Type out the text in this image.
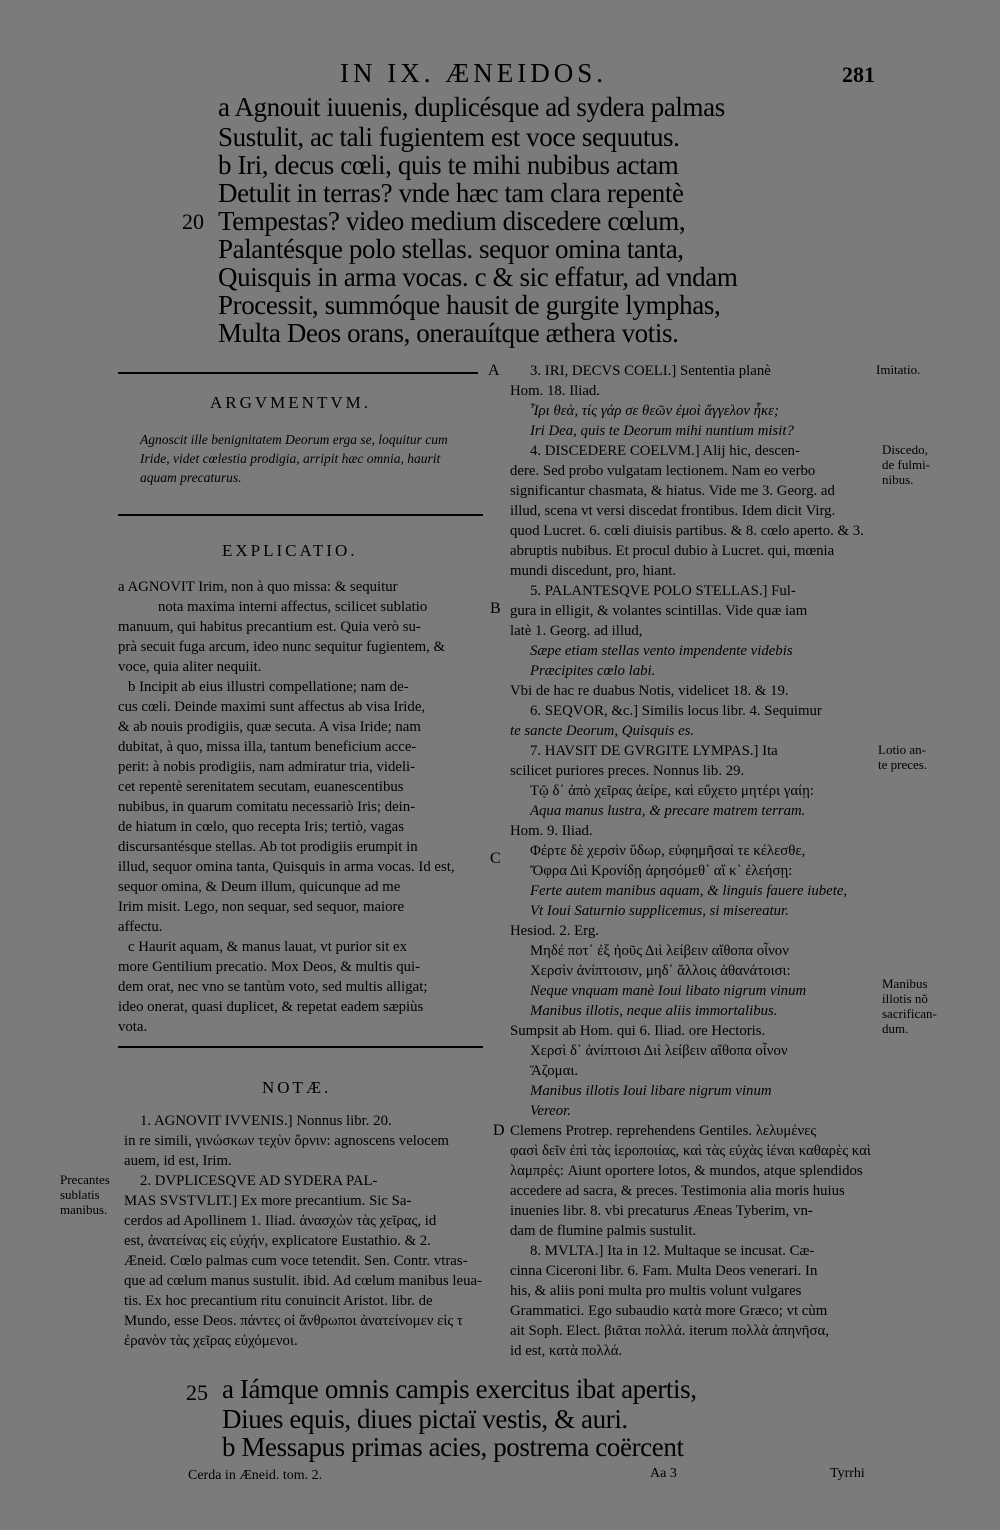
IN IX. ÆNEIDOS.	281
a Agnouit iuuenis, duplicésque ad sydera palmas
Sustulit, ac tali fugientem est voce sequutus.
b Iri, decus cœli, quis te mihi nubibus actam
Detulit in terras? vnde hæc tam clara repentè
20 Tempestas? video medium discedere cœlum,
Palantésque polo stellas. sequor omina tanta,
Quisquis in arma vocas. c & sic effatur, ad vndam
Processit, summóque hausit de gurgite lymphas,
Multa Deos orans, onerauítque æthera votis.
A
ARGVMENTVM.
Agnoscit ille benignitatem Deorum erga se, loquitur cum
Iride, videt cœlestia prodigia, arripit hæc omnia, haurit
aquam precaturus.
EXPLICATIO.
a AGNOVIT Irim, non à quo missa: & sequitur
nota maxima interni affectus, scilicet sublatio
manuum, qui habitus precantium est. Quia verò su-
prà secuit fuga arcum, ideo nunc sequitur fugientem, &
voce, quia aliter nequiit.
b Incipit ab eius illustri compellatione; nam de-
cus cœli. Deinde maximi sunt affectus ab visa Iride,
& ab nouis prodigiis, quæ secuta. A visa Iride; nam
dubitat, à quo, missa illa, tantum beneficium acce-
perit: à nobis prodigiis, nam admiratur tria, videli-
cet repentè serenitatem secutam, euanescentibus
nubibus, in quarum comitatu necessariò Iris; dein-
de hiatum in cœlo, quo recepta Iris; tertiò, vagas
discursantésque stellas. Ab tot prodigiis erumpit in
illud, sequor omina tanta, Quisquis in arma vocas. Id est,
sequor omina, & Deum illum, quicunque ad me
Irim misit. Lego, non sequar, sed sequor, maiore
affectu.
c Haurit aquam, & manus lauat, vt purior sit ex
more Gentilium precatio. Mox Deos, & multis qui-
dem orat, nec vno se tantùm voto, sed multis alligat;
ideo onerat, quasi duplicet, & repetat eadem sæpiùs
vota.
B
C
NOTÆ.
1. AGNOVIT IVVENIS.] Nonnus libr. 20.
in re simili, γινώσκων τεχὺν ὄρνιν: agnoscens velocem
auem, id est, Irim.
2. DVPLICESQVE AD SYDERA PAL-
MAS SVSTVLIT.] Ex more precantium. Sic Sa-
cerdos ad Apollinem 1. Iliad. ἀνασχὼν τὰς χεῖρας, id
est, ἀνατείνας εἰς εὐχήν, explicatore Eustathio. & 2.
Æneid. Cœlo palmas cum voce tetendit. Sen. Contr. vtras-
que ad cœlum manus sustulit. ibid. Ad cœlum manibus leua-
tis. Ex hoc precantium ritu conuincit Aristot. libr. de
Mundo, esse Deos. πάντες οἱ ἄνθρωποι ἀνατείνομεν εἰς τ
ἐρανὸν τὰς χεῖρας εὐχόμενοι.
D
3. IRI, DECVS COELI.] Sententia planè
Hom. 18. Iliad.
Ἶρι θεὰ, τίς γάρ σε θεῶν ἐμοὶ ἄγγελον ἧκε;
Iri Dea, quis te Deorum mihi nuntium misit?
4. DISCEDERE COELVM.] Alij hic, descen-
dere. Sed probo vulgatam lectionem. Nam eo verbo
significantur chasmata, & hiatus. Vide me 3. Georg. ad
illud, scena vt versi discedat frontibus. Idem dicit Virg.
quod Lucret. 6. cœli diuisis partibus. & 8. cœlo aperto. & 3.
abruptis nubibus. Et procul dubio à Lucret. qui, mœnia
mundi discedunt, pro, hiant.
5. PALANTESQVE POLO STELLAS.] Ful-
gura in elligit, & volantes scintillas. Vide quæ iam
latè 1. Georg. ad illud,
Sæpe etiam stellas vento impendente videbis
Præcipites cœlo labi.
Vbi de hac re duabus Notis, videlicet 18. & 19.
6. SEQVOR, &c.] Similis locus libr. 4. Sequimur
te sancte Deorum, Quisquis es.
7. HAVSIT DE GVRGITE LYMPAS.] Ita
scilicet puriores preces. Nonnus lib. 29.
Τῷ δ᾽ ἀπὸ χεῖρας ἀείρε, καὶ εὔχετο μητέρι γαίῃ:
Aqua manus lustra, & precare matrem terram.
Hom. 9. Iliad.
Φέρτε δὲ χερσὶν ὕδωρ, εὐφημῆσαί τε κέλεσθε,
Ὄφρα Διὶ Κρονίδῃ ἀρησόμεθ᾽ αἴ κ᾽ ἐλεήσῃ:
Ferte autem manibus aquam, & linguis fauere iubete,
Vt Ioui Saturnio supplicemus, si misereatur.
Hesiod. 2. Erg.
Μηδέ ποτ᾽ ἐξ ἠοῦς Διὶ λείβειν αἴθοπα οἶνον
Χερσὶν ἀνίπτοισιν, μηδ᾽ ἄλλοις ἀθανάτοισι:
Neque vnquam manè Ioui libato nigrum vinum
Manibus illotis, neque aliis immortalibus.
Sumpsit ab Hom. qui 6. Iliad. ore Hectoris.
Χερσὶ δ᾽ ἀνίπτοισι Διὶ λείβειν αἴθοπα οἶνον
Ἅζομαι.
Manibus illotis Ioui libare nigrum vinum
Vereor.
Clemens Protrep. reprehendens Gentiles. λελυμένες
φασὶ δεῖν ἐπὶ τὰς ἱεροποιίας, καὶ τὰς εὐχὰς ἰέναι καθαρὲς καὶ
λαμπρὲς: Aiunt oportere lotos, & mundos, atque splendidos
accedere ad sacra, & preces. Testimonia alia moris huius
inuenies libr. 8. vbi precaturus Æneas Tyberim, vn-
dam de flumine palmis sustulit.
8. MVLTA.] Ita in 12. Multaque se incusat. Cæ-
cinna Ciceroni libr. 6. Fam. Multa Deos venerari. In
his, & aliis poni multa pro multis volunt vulgares
Grammatici. Ego subaudio κατὰ more Græco; vt cùm
ait Soph. Elect. βιᾶται πολλά. iterum πολλὰ ἀπηνῆσα,
id est, κατὰ πολλά.
Imitatio.
Discedo,
de fulmi-
nibus.
Lotio an-
te preces.
Manibus
illotis nõ
sacrifican-
dum.
Precantes
sublatis
manibus.
25 a Iámque omnis campis exercitus ibat apertis,
Diues equis, diues pictaï vestis, & auri.
b Messapus primas acies, postrema coërcent
Cerda in Æneid. tom. 2.	Aa 3	Tyrrhi
